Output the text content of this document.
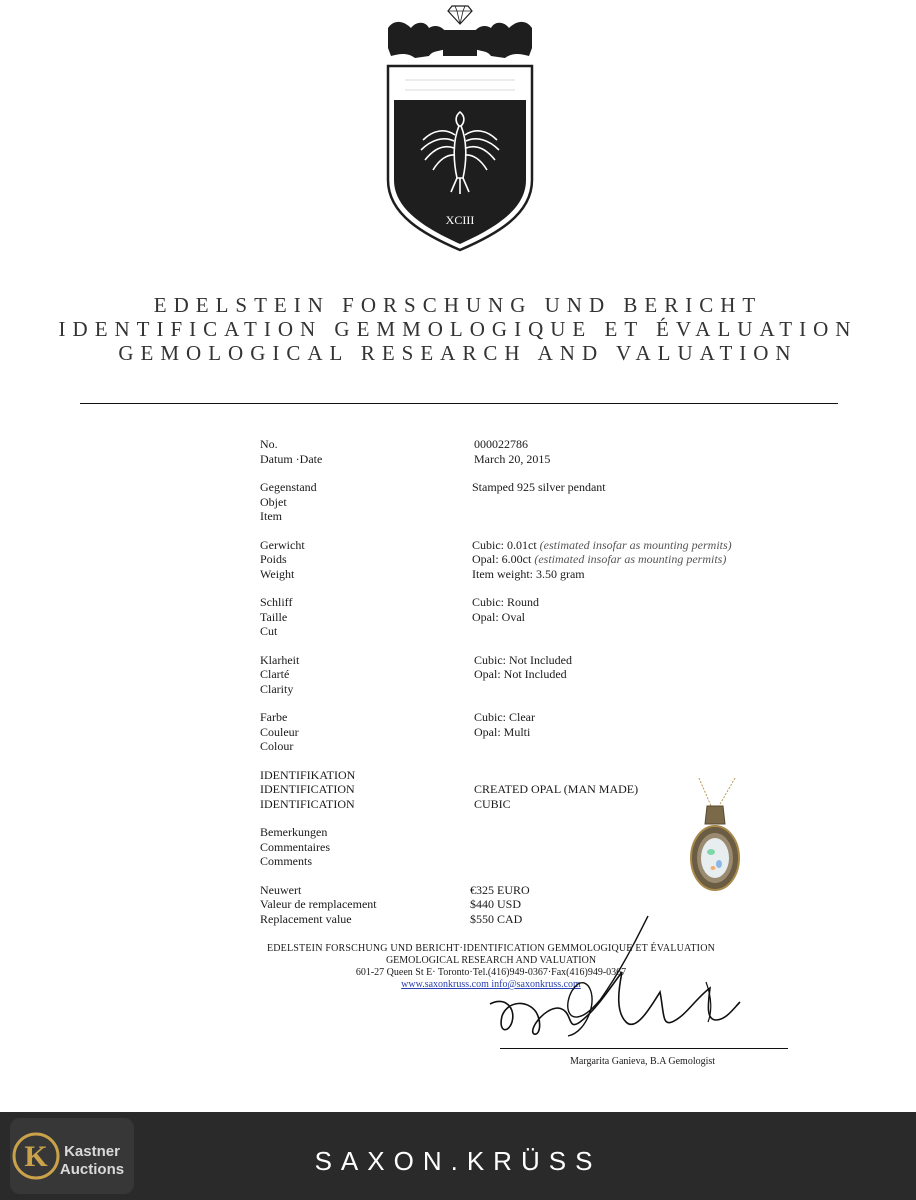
XCIII
EDELSTEIN FORSCHUNG UND BERICHT
IDENTIFICATION GEMMOLOGIQUE ET ÉVALUATION
GEMOLOGICAL RESEARCH AND VALUATION
No.
Datum ·Date
000022786
March 20, 2015
Gegenstand
Objet
Item
Stamped 925 silver pendant
Gerwicht
Poids
Weight
Cubic: 0.01ct (estimated insofar as mounting permits)
Opal: 6.00ct (estimated insofar as mounting permits)
Item weight: 3.50 gram
Schliff
Taille
Cut
Cubic: Round
Opal: Oval
Klarheit
Clarté
Clarity
Cubic: Not Included
Opal: Not Included
Farbe
Couleur
Colour
Cubic: Clear
Opal: Multi
IDENTIFIKATION
IDENTIFICATION
IDENTIFICATION
CREATED OPAL (MAN MADE)
CUBIC
Bemerkungen
Commentaires
Comments
Neuwert
Valeur de remplacement
Replacement value
€325 EURO
$440 USD
$550 CAD
EDELSTEIN FORSCHUNG UND BERICHT·IDENTIFICATION GEMMOLOGIQUE ET ÉVALUATION
GEMOLOGICAL RESEARCH AND VALUATION
601-27 Queen St E· Toronto·Tel.(416)949-0367·Fax(416)949-0367
www.saxonkruss.com info@saxonkruss.com
Margarita Ganieva, B.A Gemologist
SAXON.KRÜSS
K Kastner
Auctions
